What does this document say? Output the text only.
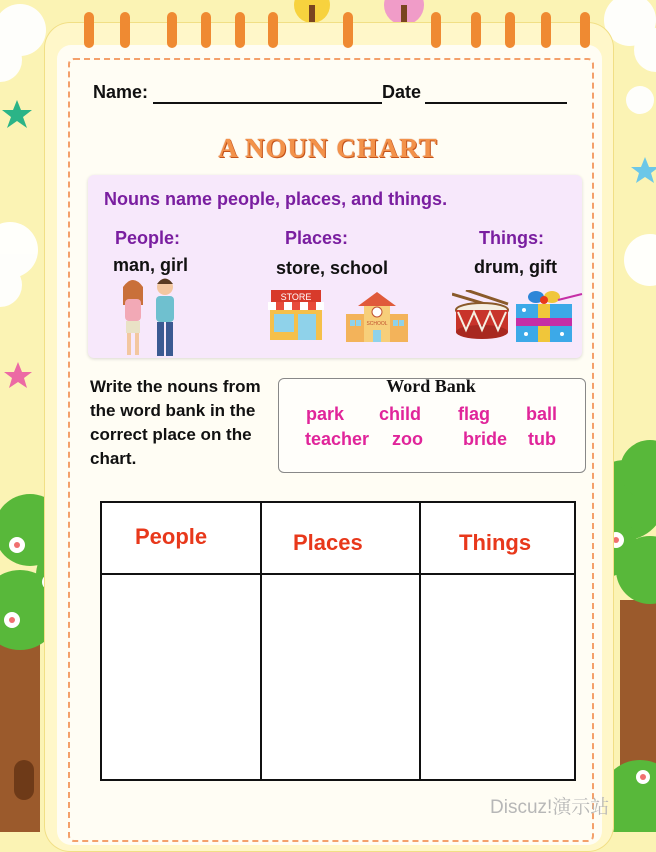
Name:	Date
A NOUN CHART
Nouns name people, places, and things.
People:
man, girl
Places:
store, school
Things:
drum, gift
STORE
SCHOOL
Write the nouns from the word bank in the correct place on the chart.
Word Bank
park child flag ball
teacher zoo bride tub
People	Places	Things
Discuz!演示站
